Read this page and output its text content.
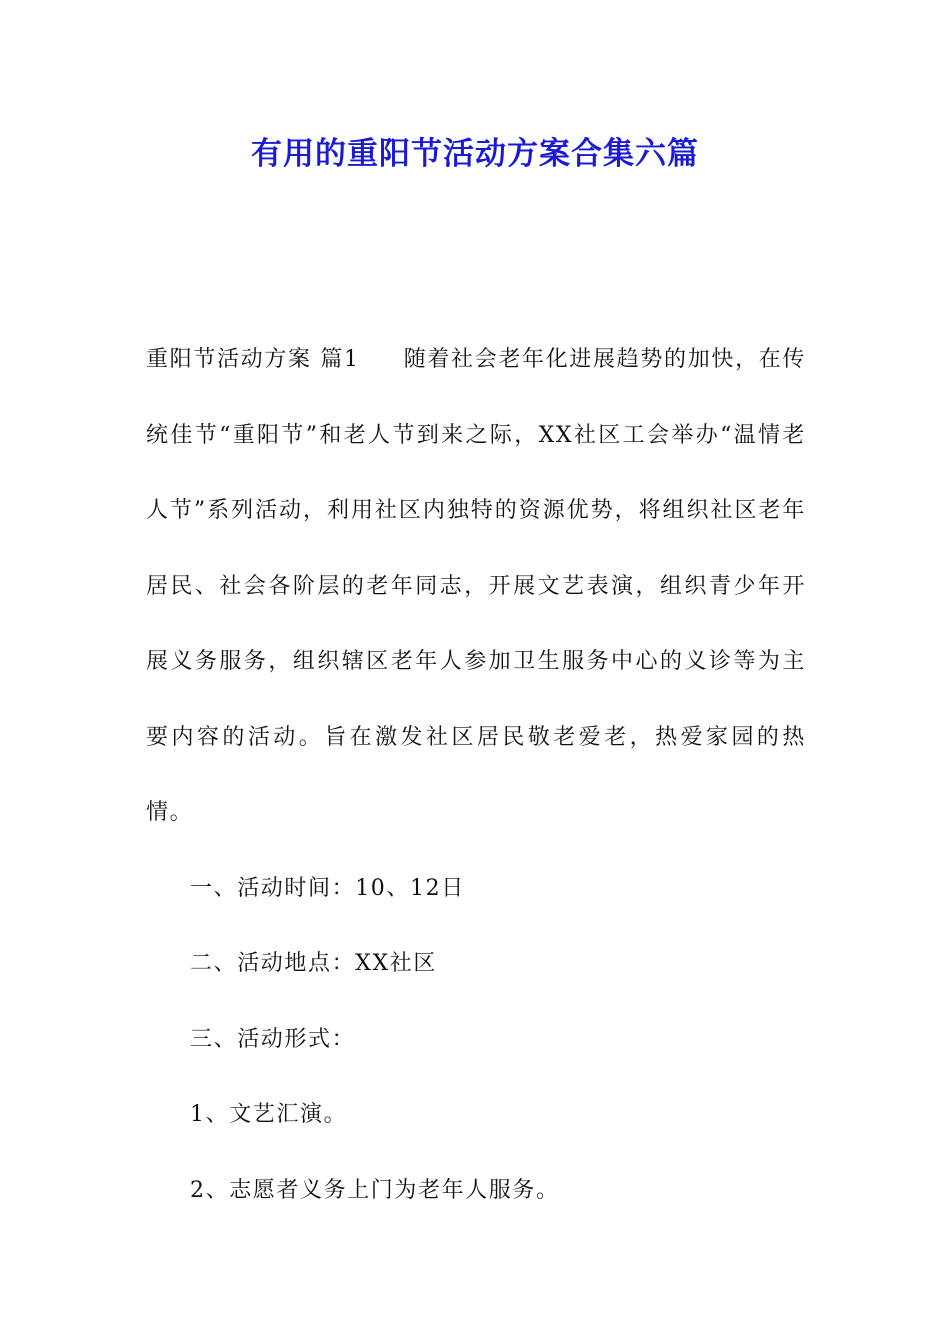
有用的重阳节活动方案合集六篇

重阳节活动方案 篇1 随着社会老年化进展趋势的加快，在传统佳节“重阳节”和老人节到来之际，XX社区工会举办“温情老人节”系列活动，利用社区内独特的资源优势，将组织社区老年居民、社会各阶层的老年同志，开展文艺表演，组织青少年开展义务服务，组织辖区老年人参加卫生服务中心的义诊等为主要内容的活动。旨在激发社区居民敬老爱老，热爱家园的热情。

一、活动时间：10、12日

二、活动地点：XX社区

三、活动形式：

1、文艺汇演。

2、志愿者义务上门为老年人服务。
